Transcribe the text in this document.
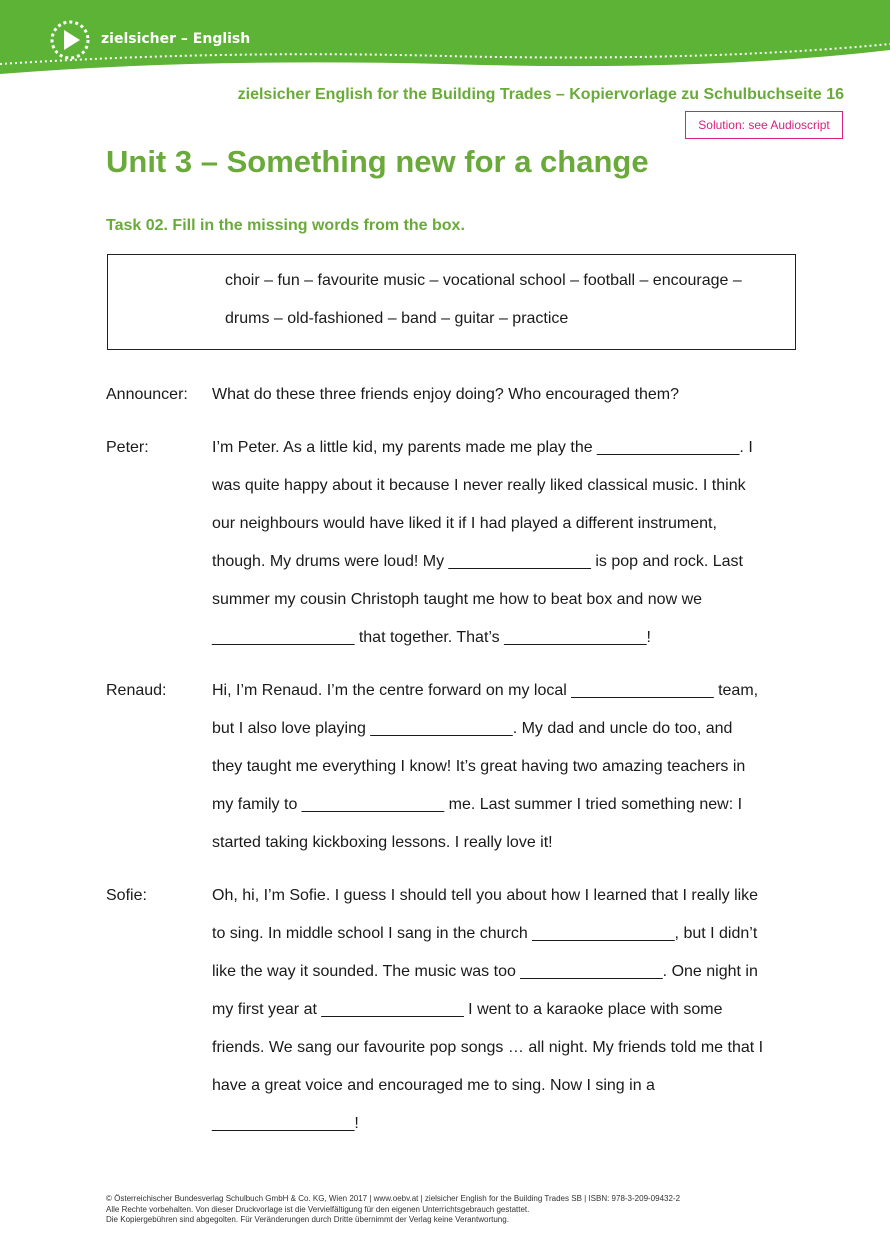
zielsicher – English
zielsicher English for the Building Trades – Kopiervorlage zu Schulbuchseite 16
Solution: see Audioscript
Unit 3 – Something new for a change
Task 02. Fill in the missing words from the box.
choir – fun – favourite music – vocational school – football – encourage –
drums – old-fashioned – band – guitar – practice
Announcer:	What do these three friends enjoy doing? Who encouraged them?
Peter:	I’m Peter. As a little kid, my parents made me play the ________________. I
was quite happy about it because I never really liked classical music. I think
our neighbours would have liked it if I had played a different instrument,
though. My drums were loud! My ________________ is pop and rock. Last
summer my cousin Christoph taught me how to beat box and now we
________________ that together. That’s ________________!
Renaud:	Hi, I’m Renaud. I’m the centre forward on my local ________________ team,
but I also love playing ________________. My dad and uncle do too, and
they taught me everything I know! It’s great having two amazing teachers in
my family to ________________ me. Last summer I tried something new: I
started taking kickboxing lessons. I really love it!
Sofie:	Oh, hi, I’m Sofie. I guess I should tell you about how I learned that I really like
to sing. In middle school I sang in the church ________________, but I didn’t
like the way it sounded. The music was too ________________. One night in
my first year at ________________ I went to a karaoke place with some
friends. We sang our favourite pop songs … all night. My friends told me that I
have a great voice and encouraged me to sing. Now I sing in a
________________!
© Österreichischer Bundesverlag Schulbuch GmbH & Co. KG, Wien 2017 | www.oebv.at | zielsicher English for the Building Trades SB | ISBN: 978-3-209-09432-2
Alle Rechte vorbehalten. Von dieser Druckvorlage ist die Vervielfältigung für den eigenen Unterrichtsgebrauch gestattet.
Die Kopiergebühren sind abgegolten. Für Veränderungen durch Dritte übernimmt der Verlag keine Verantwortung.
